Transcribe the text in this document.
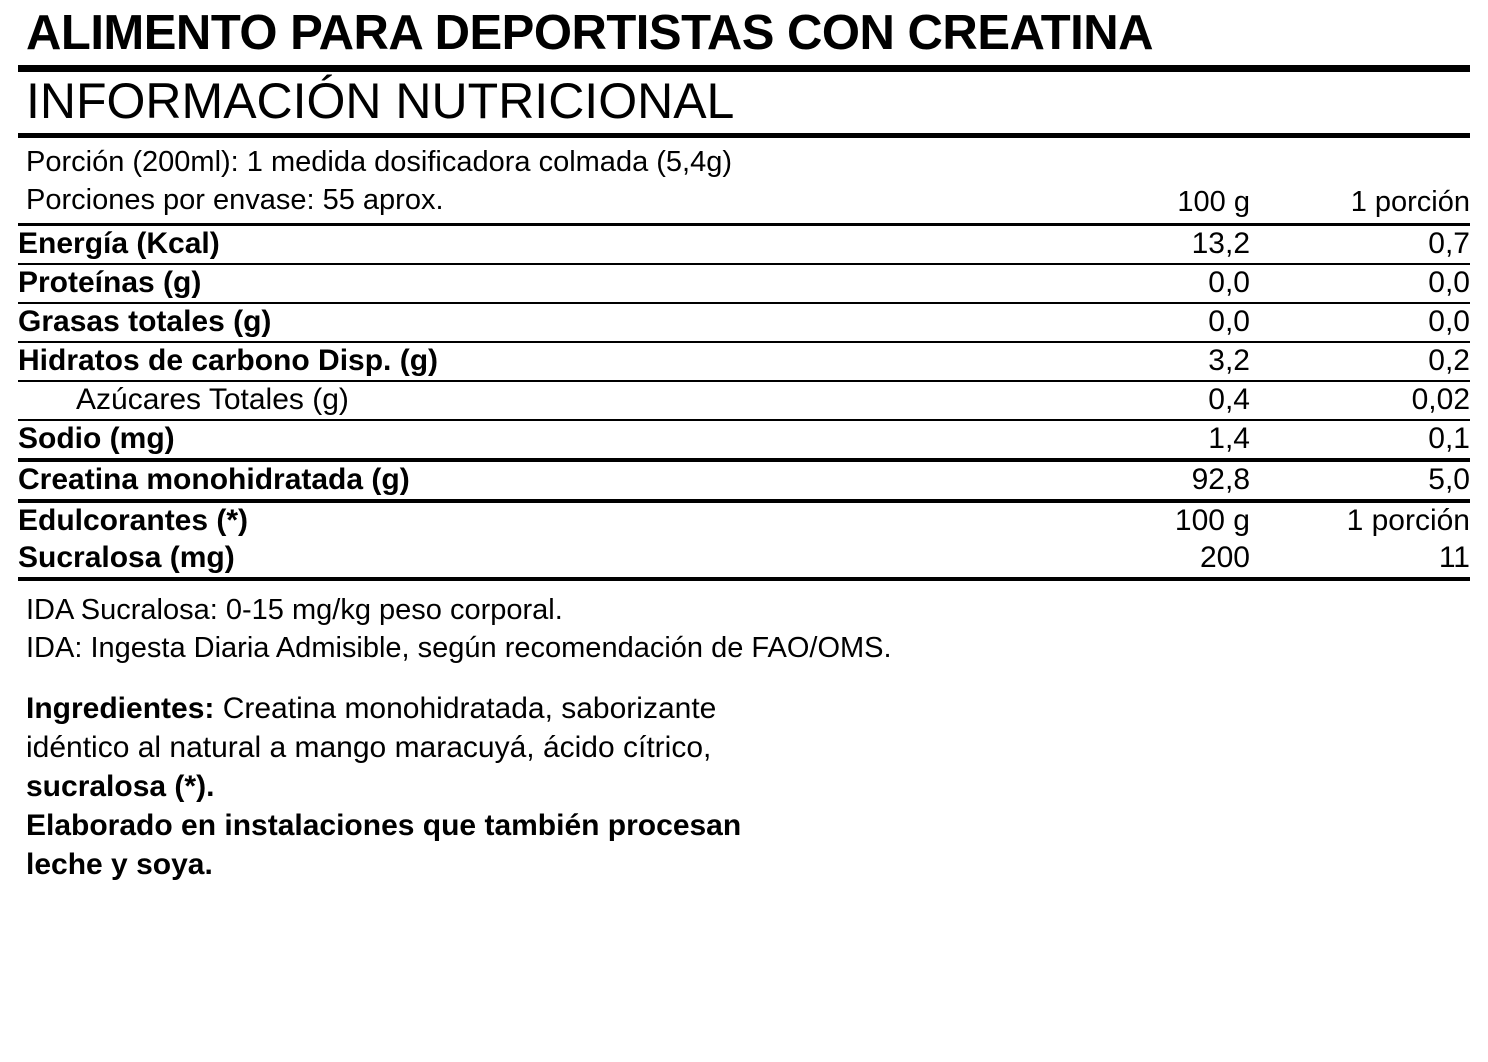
ALIMENTO PARA DEPORTISTAS CON CREATINA
INFORMACIÓN NUTRICIONAL
Porción (200ml): 1 medida dosificadora colmada (5,4g)
Porciones por envase: 55 aprox.	100 g	1 porción
Energía (Kcal)	13,2	0,7
Proteínas (g)	0,0	0,0
Grasas totales (g)	0,0	0,0
Hidratos de carbono Disp. (g)	3,2	0,2
Azúcares Totales (g)	0,4	0,02
Sodio (mg)	1,4	0,1
Creatina monohidratada (g)	92,8	5,0
Edulcorantes (*)	100 g	1 porción
Sucralosa (mg)	200	11
IDA Sucralosa: 0-15 mg/kg peso corporal.
IDA: Ingesta Diaria Admisible, según recomendación de FAO/OMS.
Ingredientes: Creatina monohidratada, saborizante idéntico al natural a mango maracuyá, ácido cítrico, sucralosa (*).
Elaborado en instalaciones que también procesan leche y soya.
